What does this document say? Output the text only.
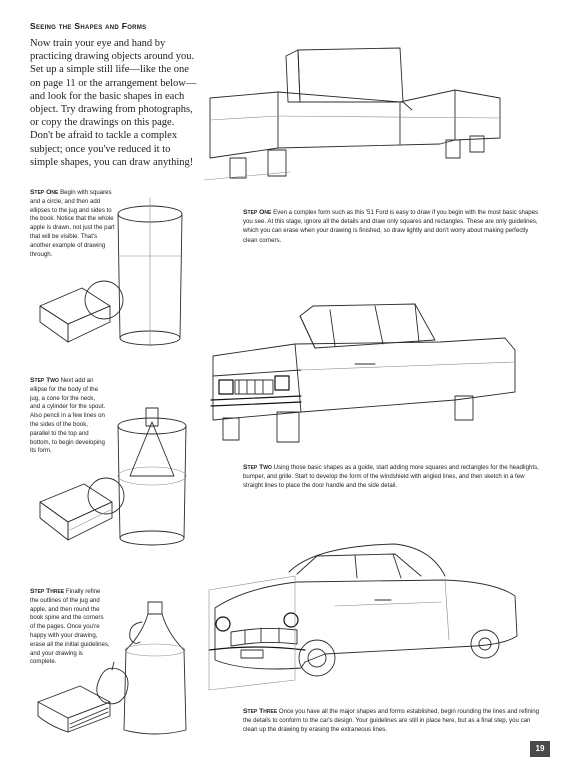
Seeing the Shapes and Forms
Now train your eye and hand by practicing drawing objects around you. Set up a simple still life—like the one on page 11 or the arrangement below—and look for the basic shapes in each object. Try drawing from photographs, or copy the drawings on this page. Don't be afraid to tackle a complex subject; once you've reduced it to simple shapes, you can draw anything!
Step One Even a complex form such as this '51 Ford is easy to draw if you begin with the most basic shapes you see. At this stage, ignore all the details and draw only squares and rectangles. These are only guidelines, which you can erase when your drawing is finished, so draw lightly and don't worry about making perfectly clean corners.
Step One Begin with squares and a circle, and then add ellipses to the jug and sides to the book. Notice that the whole apple is drawn, not just the part that will be visible. That's another example of drawing through.
Step Two Using those basic shapes as a guide, start adding more squares and rectangles for the headlights, bumper, and grille. Start to develop the form of the windshield with angled lines, and then sketch in a few straight lines to place the door handle and the side detail.
Step Two Next add an ellipse for the body of the jug, a cone for the neck, and a cylinder for the spout. Also pencil in a few lines on the sides of the book, parallel to the top and bottom, to begin developing its form.
Step Three Once you have all the major shapes and forms established, begin rounding the lines and refining the details to conform to the car's design. Your guidelines are still in place here, but as a final step, you can clean up the drawing by erasing the extraneous lines.
Step Three Finally refine the outlines of the jug and apple, and then round the book spine and the corners of the pages. Once you're happy with your drawing, erase all the initial guidelines, and your drawing is complete.
19
